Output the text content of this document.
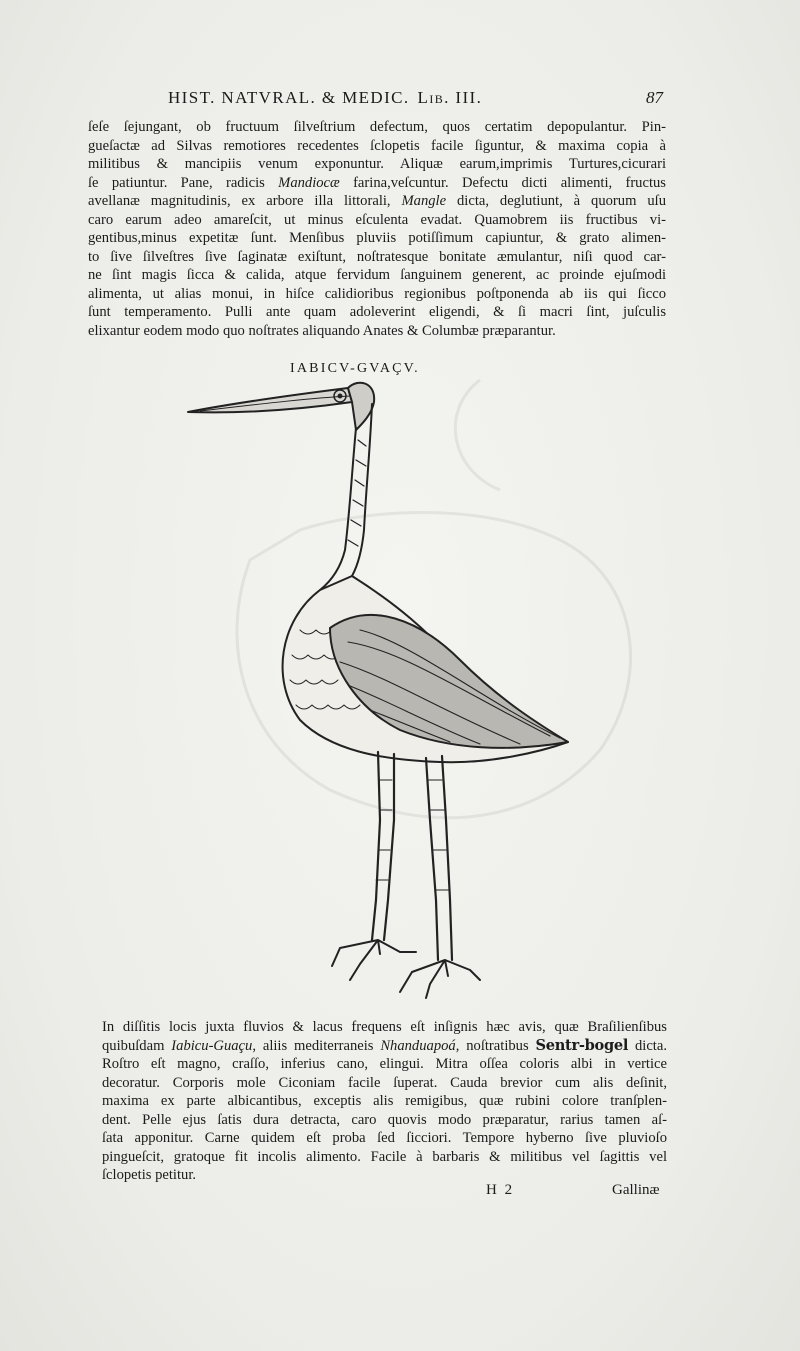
HIST. NATVRAL. & MEDIC. Lib. III.	87
ſeſe ſejungant, ob fructuum ſilveſtrium defectum, quos certatim depopulantur. Pin-
gueſactæ ad Silvas remotiores recedentes ſclopetis facile ſiguntur, & maxima copia à
militibus & mancipiis venum exponuntur. Aliquæ earum,imprimis Turtures,cicurari
ſe patiuntur. Pane, radicis Mandiocæ farina,veſcuntur. Defectu dicti alimenti, fructus
avellanæ magnitudinis, ex arbore illa littorali, Mangle dicta, deglutiunt, à quorum uſu
caro earum adeo amareſcit, ut minus eſculenta evadat. Quamobrem iis fructibus vi-
gentibus,minus expetitæ ſunt. Menſibus pluviis potiſſimum capiuntur, & grato alimen-
to ſive ſilveſtres ſive ſaginatæ exiſtunt, noſtratesque bonitate æmulantur, niſi quod car-
ne ſint magis ſicca & calida, atque fervidum ſanguinem generent, ac proinde ejuſmodi
alimenta, ut alias monui, in hiſce calidioribus regionibus poſtponenda ab iis qui ſicco
ſunt temperamento. Pulli ante quam adoleverint eligendi, & ſi macri ſint, juſculis
elixantur eodem modo quo noſtrates aliquando Anates & Columbæ præparantur.
IABICV-GVAÇV.
In diſſitis locis juxta fluvios & lacus frequens eſt inſignis hæc avis, quæ Braſilienſibus
quibuſdam Iabicu-Guaçu, aliis mediterraneis Nhanduapoá, noſtratibus Sentr-bogel dicta.
Roſtro eſt magno, craſſo, inferius cano, elingui. Mitra oſſea coloris albi in vertice
decoratur. Corporis mole Ciconiam facile ſuperat. Cauda brevior cum alis deſinit,
maxima ex parte albicantibus, exceptis alis remigibus, quæ rubini colore tranſplen-
dent. Pelle ejus ſatis dura detracta, caro quovis modo præparatur, rarius tamen aſ-
ſata apponitur. Carne quidem eſt proba ſed ſicciori. Tempore hyberno ſive pluvioſo
pingueſcit, gratoque fit incolis alimento. Facile à barbaris & militibus vel ſagittis vel
ſclopetis petitur.
H 2	Gallinæ
